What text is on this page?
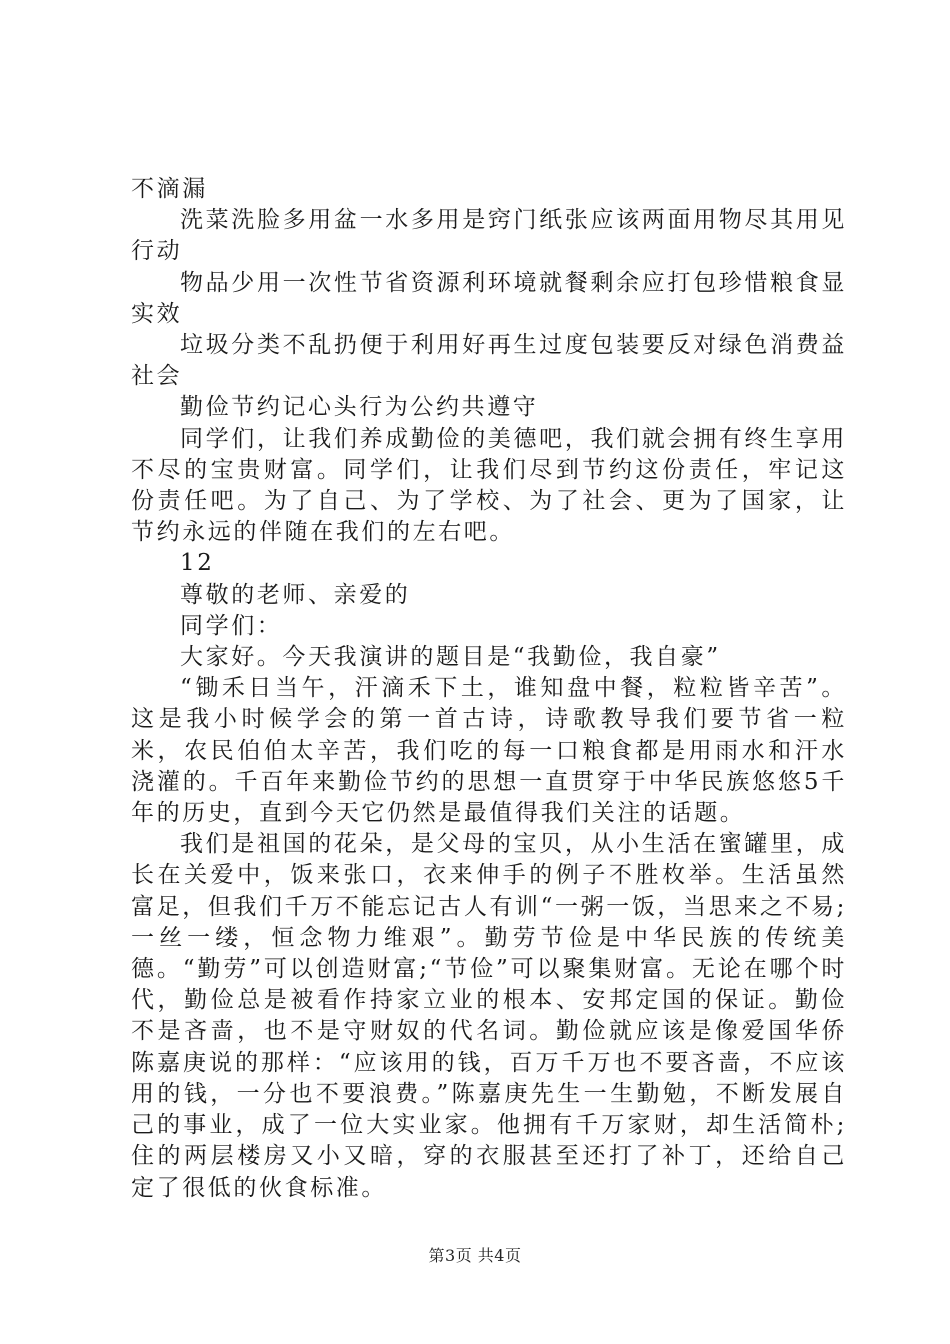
不滴漏

洗菜洗脸多用盆一水多用是窍门纸张应该两面用物尽其用见行动

物品少用一次性节省资源利环境就餐剩余应打包珍惜粮食显实效

垃圾分类不乱扔便于利用好再生过度包装要反对绿色消费益社会

勤俭节约记心头行为公约共遵守

同学们，让我们养成勤俭的美德吧，我们就会拥有终生享用不尽的宝贵财富。同学们，让我们尽到节约这份责任，牢记这份责任吧。为了自己、为了学校、为了社会、更为了国家，让节约永远的伴随在我们的左右吧。

12

尊敬的老师、亲爱的

同学们：

大家好。今天我演讲的题目是“我勤俭，我自豪”

“锄禾日当午，汗滴禾下土，谁知盘中餐，粒粒皆辛苦”。这是我小时候学会的第一首古诗，诗歌教导我们要节省一粒米，农民伯伯太辛苦，我们吃的每一口粮食都是用雨水和汗水浇灌的。千百年来勤俭节约的思想一直贯穿于中华民族悠悠5千年的历史，直到今天它仍然是最值得我们关注的话题。

我们是祖国的花朵，是父母的宝贝，从小生活在蜜罐里，成长在关爱中，饭来张口，衣来伸手的例子不胜枚举。生活虽然富足，但我们千万不能忘记古人有训“一粥一饭，当思来之不易;一丝一缕，恒念物力维艰”。勤劳节俭是中华民族的传统美德。“勤劳”可以创造财富;“节俭”可以聚集财富。无论在哪个时代，勤俭总是被看作持家立业的根本、安邦定国的保证。勤俭不是吝啬，也不是守财奴的代名词。勤俭就应该是像爱国华侨陈嘉庚说的那样：“应该用的钱，百万千万也不要吝啬，不应该用的钱，一分也不要浪费。”陈嘉庚先生一生勤勉，不断发展自己的事业，成了一位大实业家。他拥有千万家财，却生活简朴;住的两层楼房又小又暗，穿的衣服甚至还打了补丁，还给自己定了很低的伙食标准。

第3页 共4页
